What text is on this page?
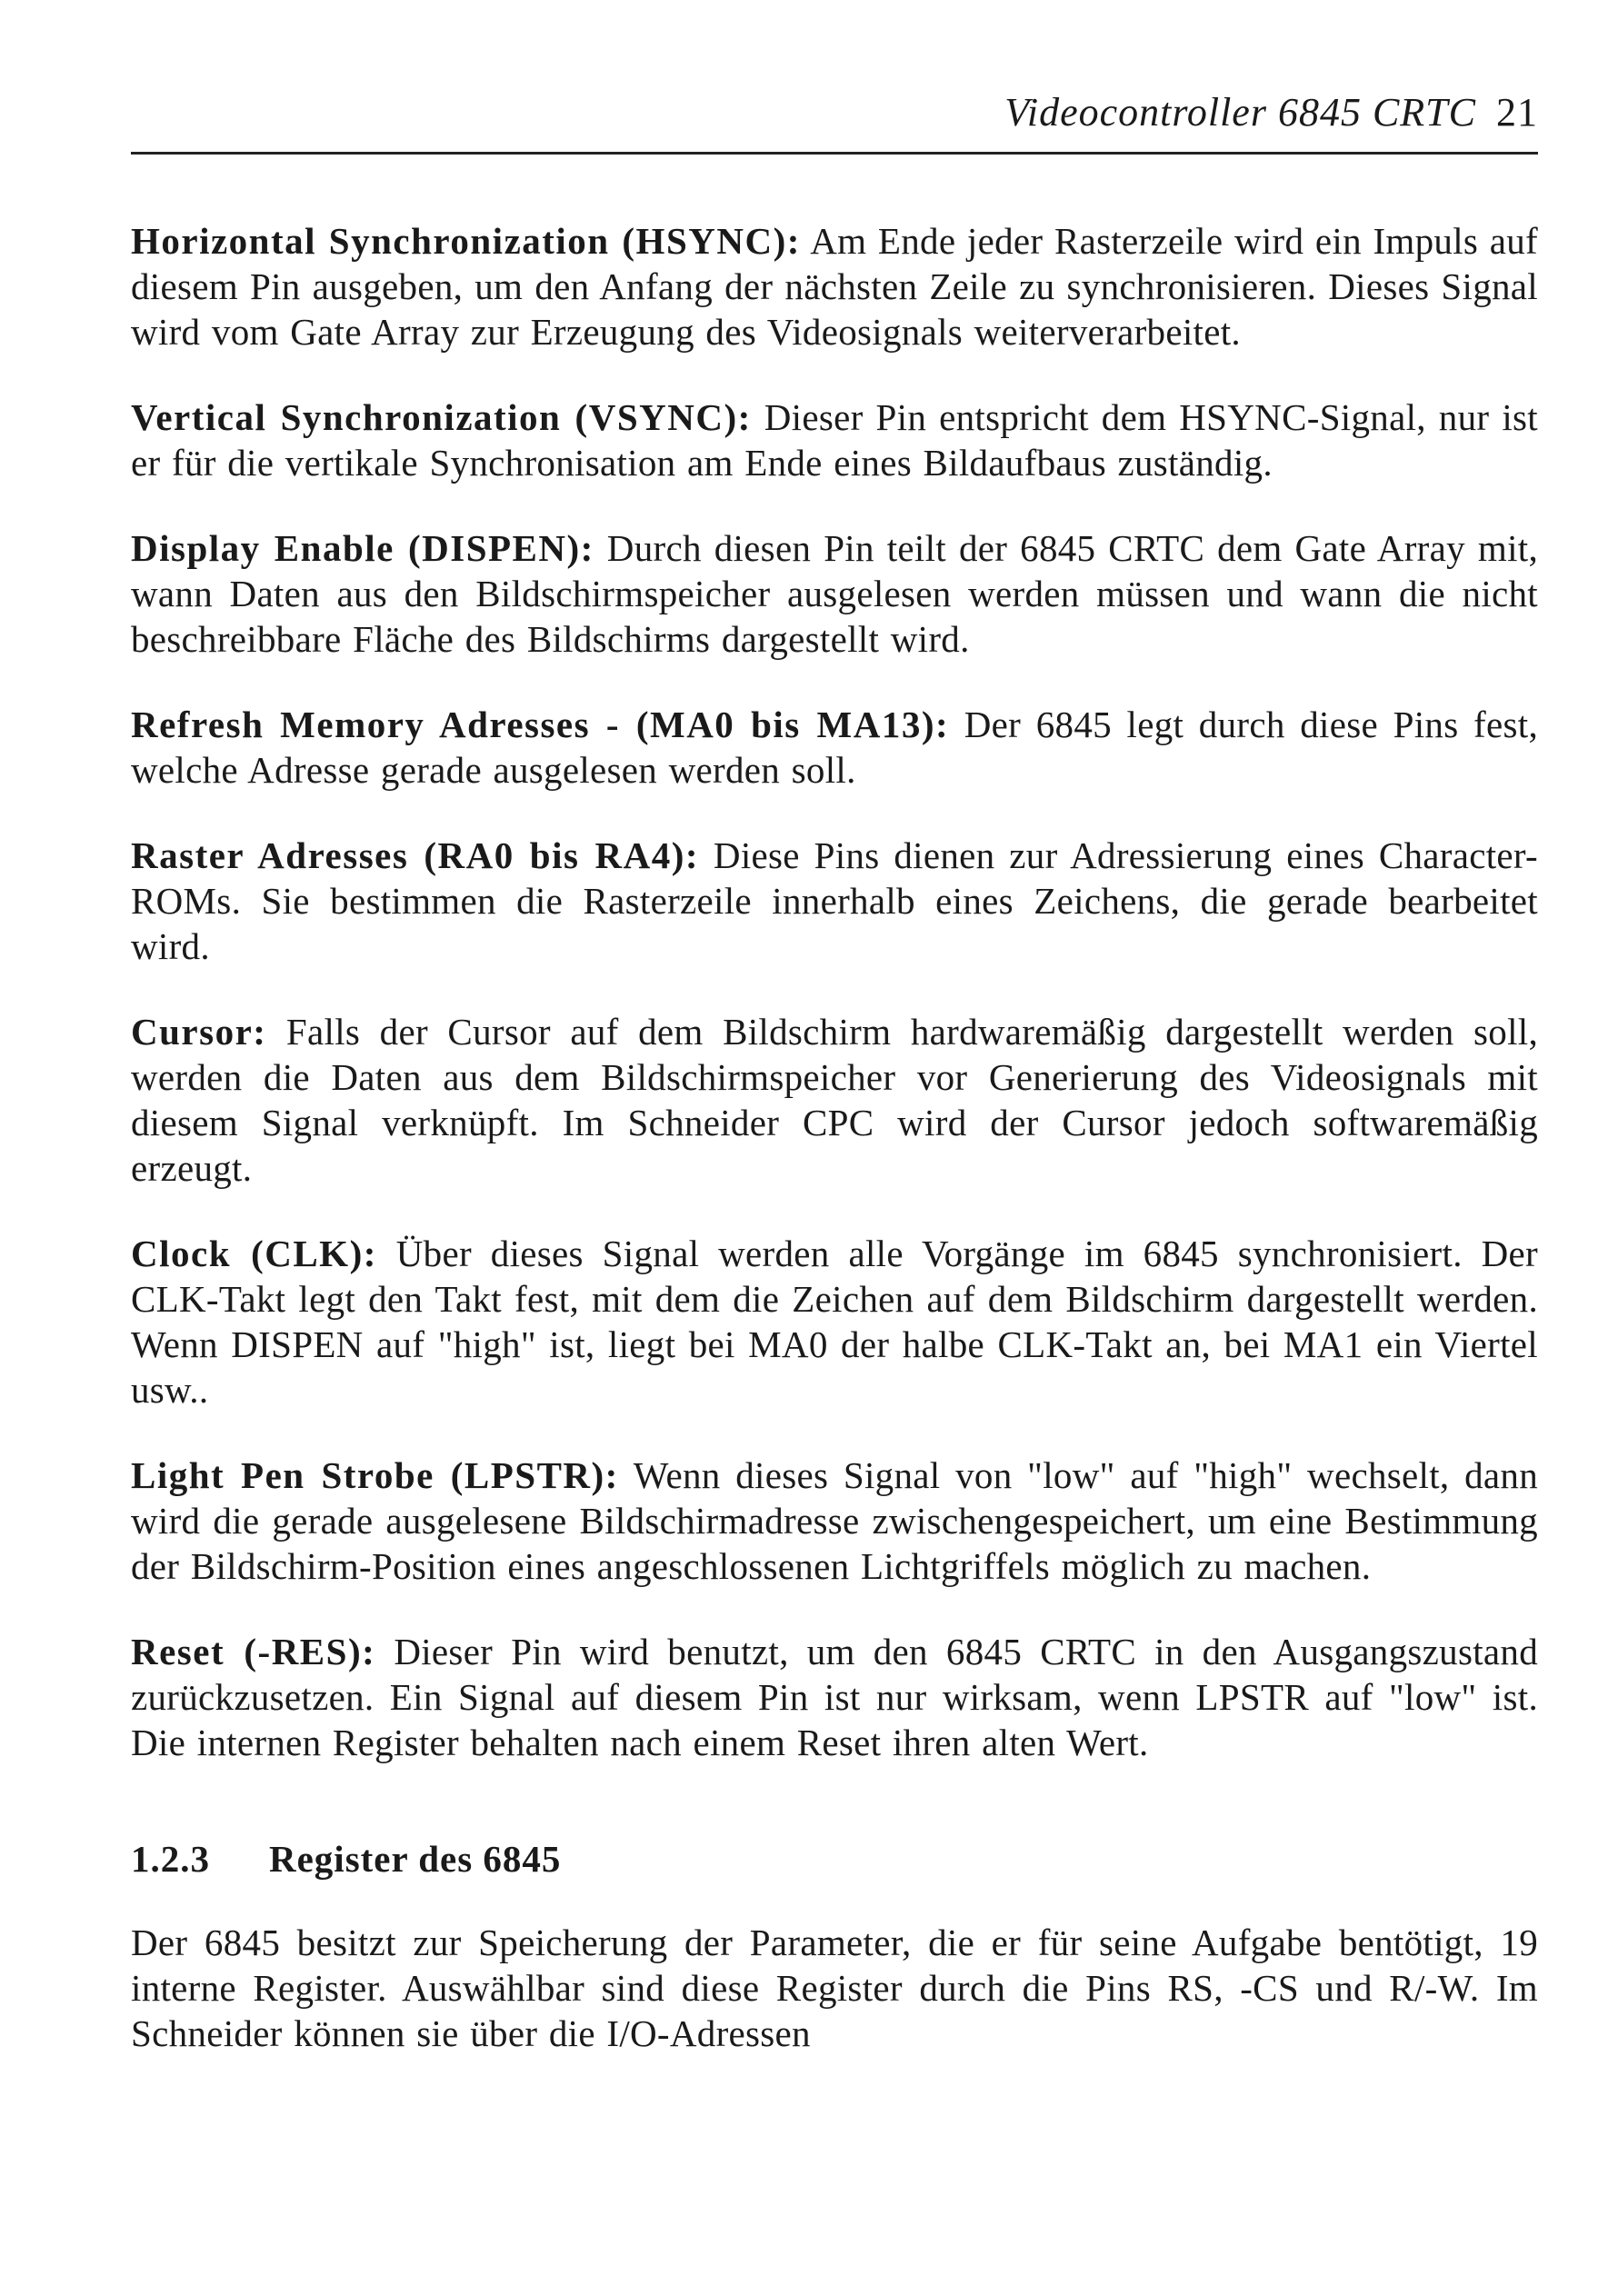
Videocontroller 6845 CRTC 21

Horizontal Synchronization (HSYNC): Am Ende jeder Rasterzeile wird ein Impuls auf diesem Pin ausgeben, um den Anfang der nächsten Zeile zu synchronisieren. Dieses Signal wird vom Gate Array zur Erzeugung des Videosignals weiterverarbeitet.

Vertical Synchronization (VSYNC): Dieser Pin entspricht dem HSYNC-Signal, nur ist er für die vertikale Synchronisation am Ende eines Bildaufbaus zuständig.

Display Enable (DISPEN): Durch diesen Pin teilt der 6845 CRTC dem Gate Array mit, wann Daten aus den Bildschirmspeicher ausgelesen werden müssen und wann die nicht beschreibbare Fläche des Bildschirms dargestellt wird.

Refresh Memory Adresses - (MA0 bis MA13): Der 6845 legt durch diese Pins fest, welche Adresse gerade ausgelesen werden soll.

Raster Adresses (RA0 bis RA4): Diese Pins dienen zur Adressierung eines Character-ROMs. Sie bestimmen die Rasterzeile innerhalb eines Zeichens, die gerade bearbeitet wird.

Cursor: Falls der Cursor auf dem Bildschirm hardwaremäßig dargestellt werden soll, werden die Daten aus dem Bildschirmspeicher vor Generierung des Videosignals mit diesem Signal verknüpft. Im Schneider CPC wird der Cursor jedoch softwaremäßig erzeugt.

Clock (CLK): Über dieses Signal werden alle Vorgänge im 6845 synchronisiert. Der CLK-Takt legt den Takt fest, mit dem die Zeichen auf dem Bildschirm dargestellt werden. Wenn DISPEN auf "high" ist, liegt bei MA0 der halbe CLK-Takt an, bei MA1 ein Viertel usw..

Light Pen Strobe (LPSTR): Wenn dieses Signal von "low" auf "high" wechselt, dann wird die gerade ausgelesene Bildschirmadresse zwischengespeichert, um eine Bestimmung der Bildschirm-Position eines angeschlossenen Lichtgriffels möglich zu machen.

Reset (-RES): Dieser Pin wird benutzt, um den 6845 CRTC in den Ausgangszustand zurückzusetzen. Ein Signal auf diesem Pin ist nur wirksam, wenn LPSTR auf "low" ist. Die internen Register behalten nach einem Reset ihren alten Wert.

1.2.3 Register des 6845

Der 6845 besitzt zur Speicherung der Parameter, die er für seine Aufgabe bentötigt, 19 interne Register. Auswählbar sind diese Register durch die Pins RS, -CS und R/-W. Im Schneider können sie über die I/O-Adressen
